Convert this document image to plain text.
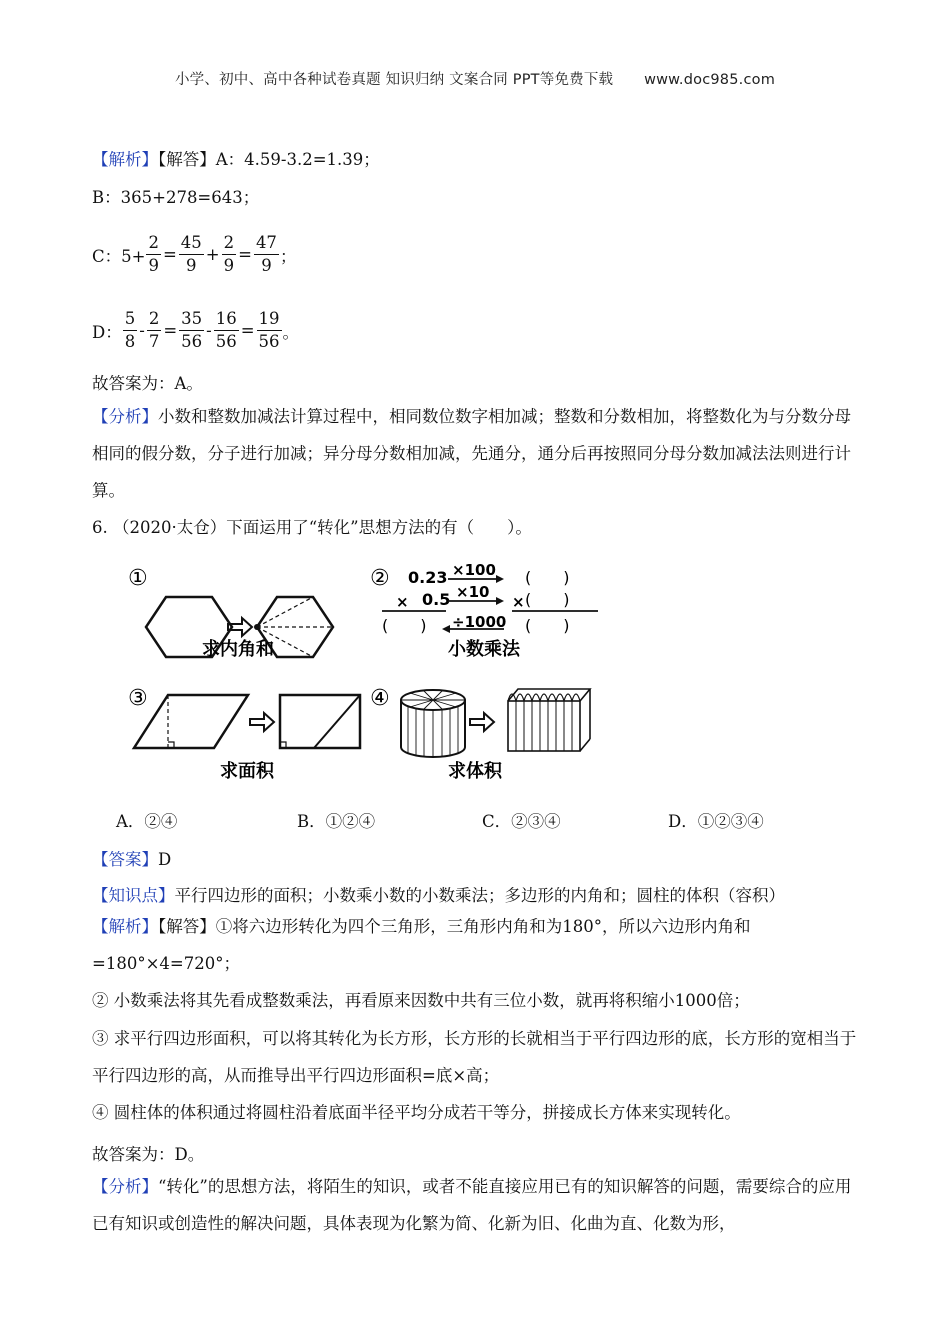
小学、初中、高中各种试卷真题 知识归纳 文案合同 PPT等免费下载 www.doc985.com
【解析】【解答】A：4.59-3.2=1.39；
B：365+278=643；
C：$5+ \frac{2}{9} = \frac{45}{9} + \frac{2}{9} = \frac{47}{9}$ ；
D： $\frac{5}{8} - \frac{2}{7} = \frac{35}{56} - \frac{16}{56} = \frac{19}{56}$ 。
故答案为：A。
【分析】小数和整数加减法计算过程中，相同数位数字相加减；整数和分数相加，将整数化为与分数分母相同的假分数，分子进行加减；异分母分数相加减，先通分，通分后再按照同分母分数加减法法则进行计算。
6. （2020·太仓）下面运用了“转化”思想方法的有（　　）。
①
求内角和
② 0.23 ×100 (　　)
× 0.5 ×10
× (　　)
(　　) ÷1000 (　　)
小数乘法
③
求面积
④
求体积
A．②④	B．①②④	C．②③④	D．①②③④
【答案】D
【知识点】平行四边形的面积；小数乘小数的小数乘法；多边形的内角和；圆柱的体积（容积）
【解析】【解答】①将六边形转化为四个三角形，三角形内角和为180°，所以六边形内角和=180°×4=720°；
② 小数乘法将其先看成整数乘法，再看原来因数中共有三位小数，就再将积缩小1000倍；
③ 求平行四边形面积，可以将其转化为长方形，长方形的长就相当于平行四边形的底，长方形的宽相当于平行四边形的高，从而推导出平行四边形面积=底×高；
④ 圆柱体的体积通过将圆柱沿着底面半径平均分成若干等分，拼接成长方体来实现转化。
故答案为：D。
【分析】“转化”的思想方法，将陌生的知识，或者不能直接应用已有的知识解答的问题，需要综合的应用已有知识或创造性的解决问题，具体表现为化繁为简、化新为旧、化曲为直、化数为形，
